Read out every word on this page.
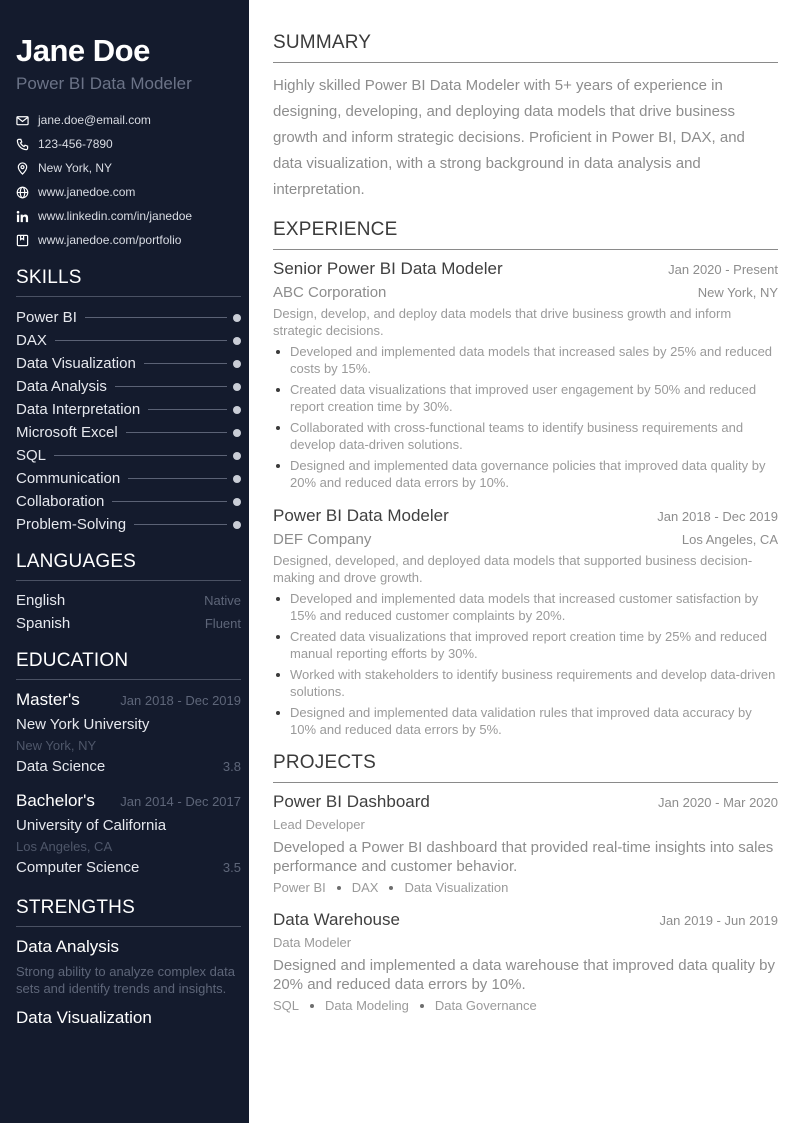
Jane Doe
Power BI Data Modeler
jane.doe@email.com
123-456-7890
New York, NY
www.janedoe.com
www.linkedin.com/in/janedoe
www.janedoe.com/portfolio
SKILLS
Power BI
DAX
Data Visualization
Data Analysis
Data Interpretation
Microsoft Excel
SQL
Communication
Collaboration
Problem-Solving
LANGUAGES
English	Native
Spanish	Fluent
EDUCATION
Master's	Jan 2018 - Dec 2019
New York University
New York, NY
Data Science	3.8
Bachelor's Jan 2014 - Dec 2017
University of California
Los Angeles, CA
Computer Science	3.5
STRENGTHS
Data Analysis
Strong ability to analyze complex data sets and identify trends and insights.
Data Visualization
SUMMARY

Highly skilled Power BI Data Modeler with 5+ years of experience in designing, developing, and deploying data models that drive business growth and inform strategic decisions. Proficient in Power BI, DAX, and data visualization, with a strong background in data analysis and interpretation.

EXPERIENCE
Senior Power BI Data Modeler	Jan 2020 - Present
ABC Corporation	New York, NY
Design, develop, and deploy data models that drive business growth and inform strategic decisions.
Developed and implemented data models that increased sales by 25% and reduced costs by 15%.
Created data visualizations that improved user engagement by 50% and reduced report creation time by 30%.
Collaborated with cross-functional teams to identify business requirements and develop data-driven solutions.
Designed and implemented data governance policies that improved data quality by 20% and reduced data errors by 10%.
Power BI Data Modeler	Jan 2018 - Dec 2019
DEF Company	Los Angeles, CA
Designed, developed, and deployed data models that supported business decision-making and drove growth.
Developed and implemented data models that increased customer satisfaction by 15% and reduced customer complaints by 20%.
Created data visualizations that improved report creation time by 25% and reduced manual reporting efforts by 30%.
Worked with stakeholders to identify business requirements and develop data-driven solutions.
Designed and implemented data validation rules that improved data accuracy by 10% and reduced data errors by 5%.
PROJECTS
Power BI Dashboard	Jan 2020 - Mar 2020
Lead Developer
Developed a Power BI dashboard that provided real-time insights into sales performance and customer behavior.
Power BI DAX Data Visualization
Data Warehouse	Jan 2019 - Jun 2019
Data Modeler
Designed and implemented a data warehouse that improved data quality by 20% and reduced data errors by 10%.
SQL Data Modeling Data Governance
